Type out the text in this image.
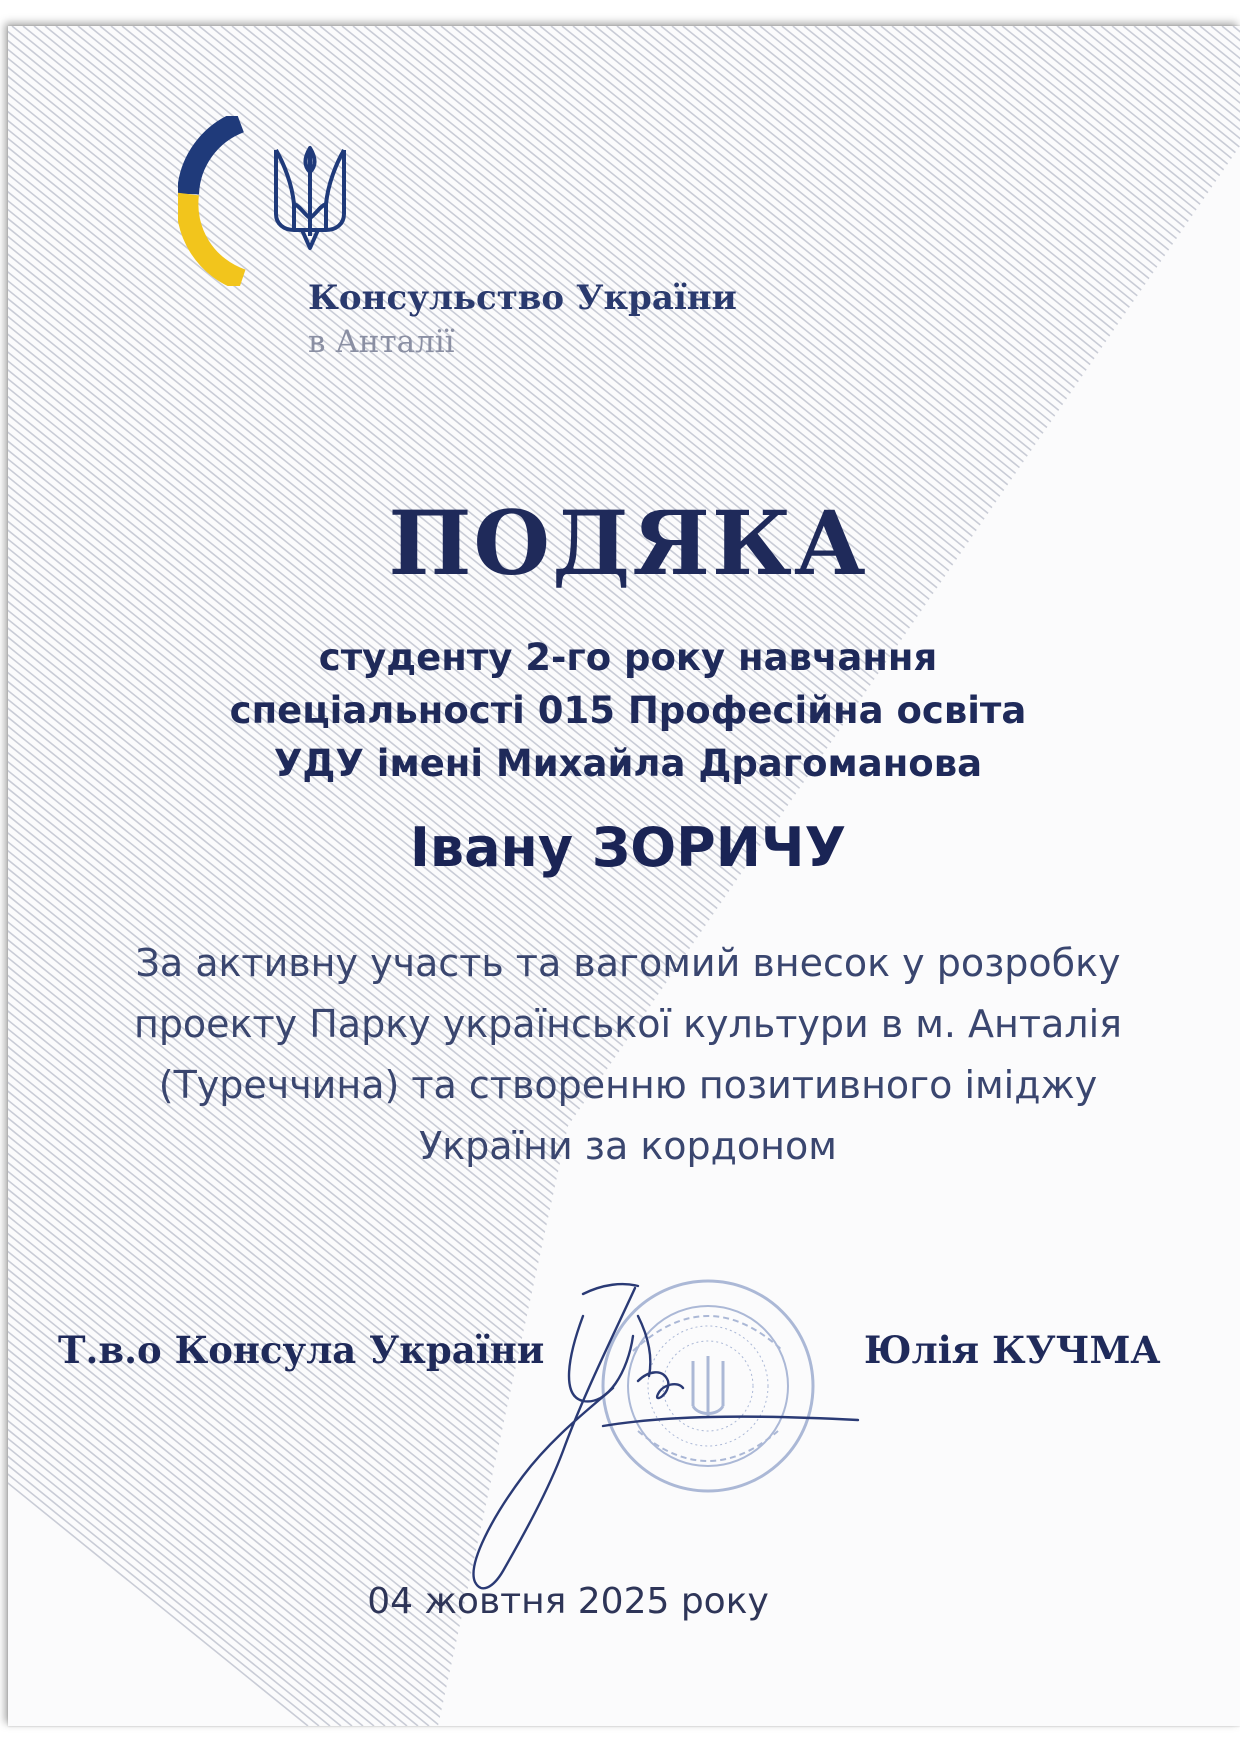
Консульство України
в Анталії
ПОДЯКА
студенту 2-го року навчання
спеціальності 015 Професійна освіта
УДУ імені Михайла Драгоманова
Івану ЗОРИЧУ
За активну участь та вагомий внесок у розробку
проекту Парку української культури в м. Анталія
(Туреччина) та створенню позитивного іміджу
України за кордоном
Т.в.о Консула України	Юлія КУЧМА
04 жовтня 2025 року
